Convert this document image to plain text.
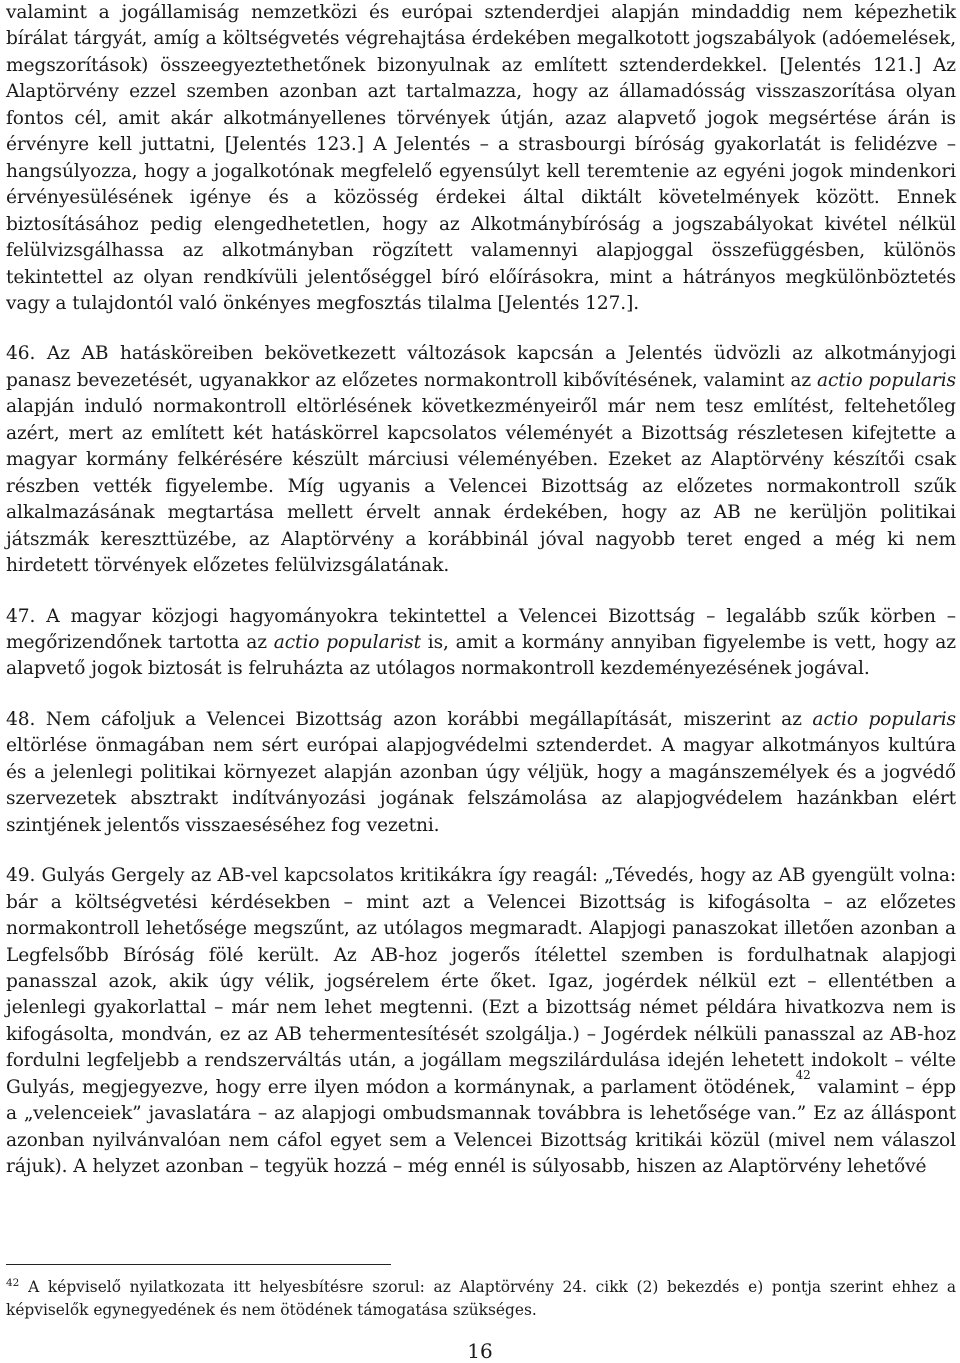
valamint a jogállamiság nemzetközi és európai sztenderdjei alapján mindaddig nem képezhetik bírálat tárgyát, amíg a költségvetés végrehajtása érdekében megalkotott jogszabályok (adóemelések, megszorítások) összeegyeztethetőnek bizonyulnak az említett sztenderdekkel. [Jelentés 121.] Az Alaptörvény ezzel szemben azonban azt tartalmazza, hogy az államadósság visszaszorítása olyan fontos cél, amit akár alkotmányellenes törvények útján, azaz alapvető jogok megsértése árán is érvényre kell juttatni, [Jelentés 123.] A Jelentés – a strasbourgi bíróság gyakorlatát is felidézve – hangsúlyozza, hogy a jogalkotónak megfelelő egyensúlyt kell teremtenie az egyéni jogok mindenkori érvényesülésének igénye és a közösség érdekei által diktált követelmények között. Ennek biztosításához pedig elengedhetetlen, hogy az Alkotmánybíróság a jogszabályokat kivétel nélkül felülvizsgálhassa az alkotmányban rögzített valamennyi alapjoggal összefüggésben, különös tekintettel az olyan rendkívüli jelentőséggel bíró előírásokra, mint a hátrányos megkülönböztetés vagy a tulajdontól való önkényes megfosztás tilalma [Jelentés 127.].

46. Az AB hatásköreiben bekövetkezett változások kapcsán a Jelentés üdvözli az alkotmányjogi panasz bevezetését, ugyanakkor az előzetes normakontroll kibővítésének, valamint az actio popularis alapján induló normakontroll eltörlésének következményeiről már nem tesz említést, feltehetőleg azért, mert az említett két hatáskörrel kapcsolatos véleményét a Bizottság részletesen kifejtette a magyar kormány felkérésére készült márciusi véleményében. Ezeket az Alaptörvény készítői csak részben vették figyelembe. Míg ugyanis a Velencei Bizottság az előzetes normakontroll szűk alkalmazásának megtartása mellett érvelt annak érdekében, hogy az AB ne kerüljön politikai játszmák kereszttüzébe, az Alaptörvény a korábbinál jóval nagyobb teret enged a még ki nem hirdetett törvények előzetes felülvizsgálatának.

47. A magyar közjogi hagyományokra tekintettel a Velencei Bizottság – legalább szűk körben – megőrizendőnek tartotta az actio popularist is, amit a kormány annyiban figyelembe is vett, hogy az alapvető jogok biztosát is felruházta az utólagos normakontroll kezdeményezésének jogával.

48. Nem cáfoljuk a Velencei Bizottság azon korábbi megállapítását, miszerint az actio popularis eltörlése önmagában nem sért európai alapjogvédelmi sztenderdet. A magyar alkotmányos kultúra és a jelenlegi politikai környezet alapján azonban úgy véljük, hogy a magánszemélyek és a jogvédő szervezetek absztrakt indítványozási jogának felszámolása az alapjogvédelem hazánkban elért szintjének jelentős visszaeséséhez fog vezetni.

49. Gulyás Gergely az AB-vel kapcsolatos kritikákra így reagál: „Tévedés, hogy az AB gyengült volna: bár a költségvetési kérdésekben – mint azt a Velencei Bizottság is kifogásolta – az előzetes normakontroll lehetősége megszűnt, az utólagos megmaradt. Alapjogi panaszokat illetően azonban a Legfelsőbb Bíróság fölé került. Az AB-hoz jogerős ítélettel szemben is fordulhatnak alapjogi panasszal azok, akik úgy vélik, jogsérelem érte őket. Igaz, jogérdek nélkül ezt – ellentétben a jelenlegi gyakorlattal – már nem lehet megtenni. (Ezt a bizottság német példára hivatkozva nem is kifogásolta, mondván, ez az AB tehermentesítését szolgálja.) – Jogérdek nélküli panasszal az AB-hoz fordulni legfeljebb a rendszerváltás után, a jogállam megszilárdulása idején lehetett indokolt – vélte Gulyás, megjegyezve, hogy erre ilyen módon a kormánynak, a parlament ötödének,$^{42}$ valamint – épp a „velenceiek” javaslatára – az alapjogi ombudsmannak továbbra is lehetősége van.” Ez az álláspont azonban nyilvánvalóan nem cáfol egyet sem a Velencei Bizottság kritikái közül (mivel nem válaszol rájuk). A helyzet azonban – tegyük hozzá – még ennél is súlyosabb, hiszen az Alaptörvény lehetővé

$^{42}$ A képviselő nyilatkozata itt helyesbítésre szorul: az Alaptörvény 24. cikk (2) bekezdés e) pontja szerint ehhez a képviselők egynegyedének és nem ötödének támogatása szükséges.
16
